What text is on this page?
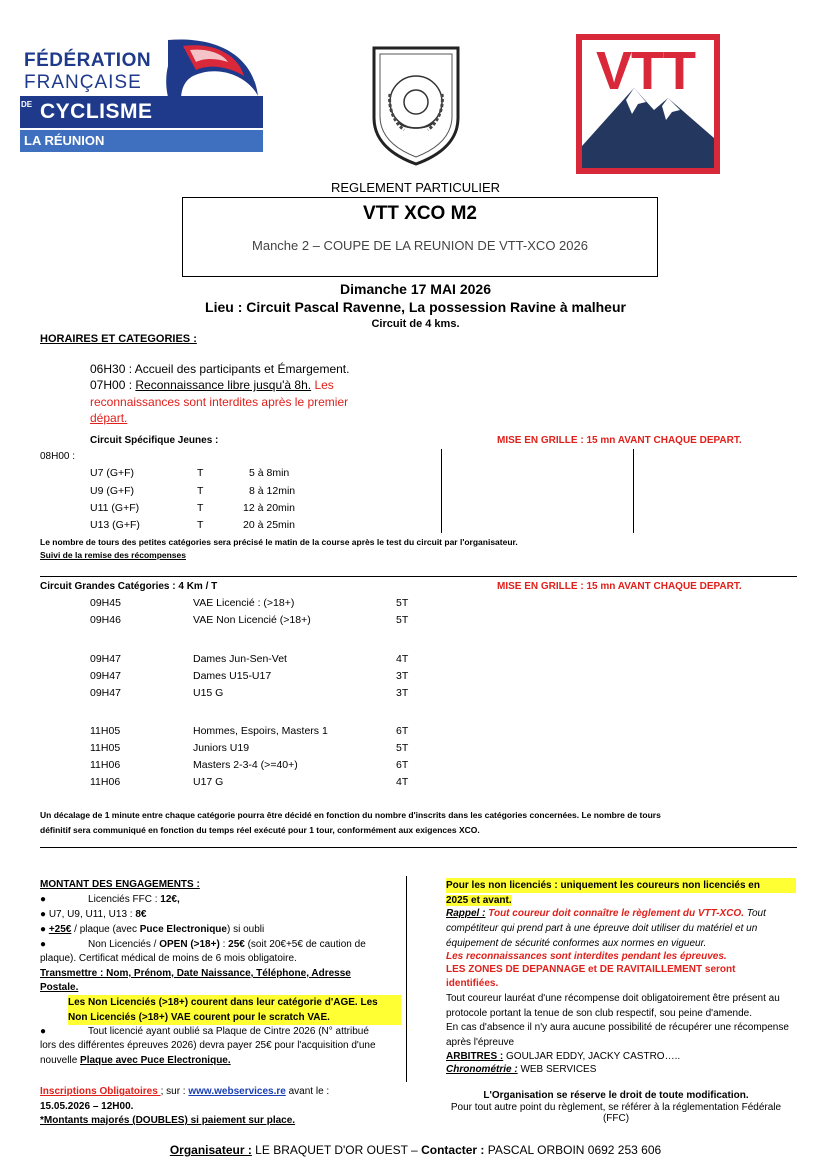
FÉDÉRATION
FRANÇAISE
DE CYCLISME
LA RÉUNION
VTT
REGLEMENT PARTICULIER
VTT XCO M2
Manche 2 – COUPE DE LA REUNION DE VTT-XCO 2026
Dimanche 17 MAI 2026
Lieu : Circuit Pascal Ravenne, La possession Ravine à malheur
Circuit de 4 kms.
HORAIRES ET CATEGORIES :
06H30 : Accueil des participants et Émargement.
07H00 : Reconnaissance libre jusqu'à 8h. Les
reconnaissances sont interdites après le premier
départ.
Circuit Spécifique Jeunes :	MISE EN GRILLE : 15 mn AVANT CHAQUE DEPART.
08H00 :
U7 (G+F)	T	5 à 8min
U9 (G+F)	T	8 à 12min
U11 (G+F)	T	12 à 20min
U13 (G+F)	T	20 à 25min
Le nombre de tours des petites catégories sera précisé le matin de la course après le test du circuit par l'organisateur.
Suivi de la remise des récompenses
Circuit Grandes Catégories : 4 Km / T	MISE EN GRILLE : 15 mn AVANT CHAQUE DEPART.
09H45	VAE Licencié : (>18+)	5T
09H46	VAE Non Licencié (>18+)	5T
09H47	Dames Jun-Sen-Vet	4T
09H47	Dames U15-U17	3T
09H47	U15 G	3T
11H05	Hommes, Espoirs, Masters 1	6T
11H05	Juniors U19	5T
11H06	Masters 2-3-4 (>=40+)	6T
11H06	U17 G	4T
Un décalage de 1 minute entre chaque catégorie pourra être décidé en fonction du nombre d'inscrits dans les catégories concernées. Le nombre de tours
définitif sera communiqué en fonction du temps réel exécuté pour 1 tour, conformément aux exigences XCO.
MONTANT DES ENGAGEMENTS :
●	Licenciés FFC : 12€,
● U7, U9, U11, U13 : 8€
● +25€ / plaque (avec Puce Electronique) si oubli
●	Non Licenciés / OPEN (>18+) : 25€ (soit 20€+5€ de caution de
plaque). Certificat médical de moins de 6 mois obligatoire.
Transmettre : Nom, Prénom, Date Naissance, Téléphone, Adresse
Postale.
Les Non Licenciés (>18+) courent dans leur catégorie d'AGE. Les
Non Licenciés (>18+) VAE courent pour le scratch VAE.
●	Tout licencié ayant oublié sa Plaque de Cintre 2026 (N° attribué
lors des différentes épreuves 2026) devra payer 25€ pour l'acquisition d'une
nouvelle Plaque avec Puce Electronique.
Inscriptions Obligatoires ; sur : www.webservices.re avant le :
15.05.2026 – 12H00.
*Montants majorés (DOUBLES) si paiement sur place.
Pour les non licenciés : uniquement les coureurs non licenciés en
2025 et avant.
Rappel : Tout coureur doit connaître le règlement du VTT-XCO. Tout
compétiteur qui prend part à une épreuve doit utiliser du matériel et un
équipement de sécurité conformes aux normes en vigueur.
Les reconnaissances sont interdites pendant les épreuves.
LES ZONES DE DEPANNAGE et DE RAVITAILLEMENT seront
identifiées.
Tout coureur lauréat d'une récompense doit obligatoirement être présent au
protocole portant la tenue de son club respectif, sou peine d'amende.
En cas d'absence il n'y aura aucune possibilité de récupérer une récompense
après l'épreuve
ARBITRES : GOULJAR EDDY, JACKY CASTRO…..
Chronométrie : WEB SERVICES
L'Organisation se réserve le droit de toute modification.
Pour tout autre point du règlement, se référer à la réglementation Fédérale
(FFC)
Organisateur : LE BRAQUET D'OR OUEST – Contacter : PASCAL ORBOIN 0692 253 606
